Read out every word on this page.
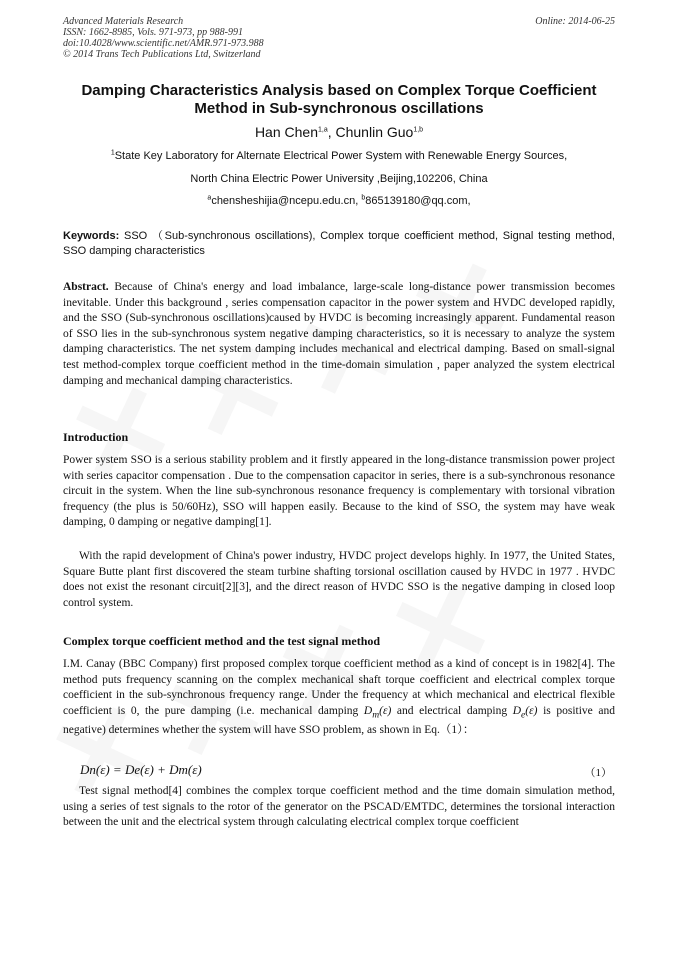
Advanced Materials Research
ISSN: 1662-8985, Vols. 971-973, pp 988-991
doi:10.4028/www.scientific.net/AMR.971-973.988
© 2014 Trans Tech Publications Ltd, Switzerland
Online: 2014-06-25
Damping Characteristics Analysis based on Complex Torque Coefficient
Method in Sub-synchronous oscillations
Han Chen$^{1,a}$, Chunlin Guo$^{1,b}$
$^1$State Key Laboratory for Alternate Electrical Power System with Renewable Energy Sources,
North China Electric Power University ,Beijing,102206, China
$^a$chensheshijia@ncepu.edu.cn, $^b$865139180@qq.com,
Keywords: SSO （Sub-synchronous oscillations), Complex torque coefficient method, Signal testing method, SSO damping characteristics
Abstract. Because of China's energy and load imbalance, large-scale long-distance power transmission becomes inevitable. Under this background , series compensation capacitor in the power system and HVDC developed rapidly, and the SSO (Sub-synchronous oscillations)caused by HVDC is becoming increasingly apparent. Fundamental reason of SSO lies in the sub-synchronous system negative damping characteristics, so it is necessary to analyze the system damping characteristics. The net system damping includes mechanical and electrical damping. Based on small-signal test method-complex torque coefficient method in the time-domain simulation , paper analyzed the system electrical damping and mechanical damping characteristics.
Introduction
Power system SSO is a serious stability problem and it firstly appeared in the long-distance transmission power project with series capacitor compensation . Due to the compensation capacitor in series, there is a sub-synchronous resonance circuit in the system. When the line sub-synchronous resonance frequency is complementary with torsional vibration frequency (the plus is 50/60Hz), SSO will happen easily. Because to the kind of SSO, the system may have weak damping, 0 damping or negative damping[1].
With the rapid development of China's power industry, HVDC project develops highly. In 1977, the United States, Square Butte plant first discovered the steam turbine shafting torsional oscillation caused by HVDC in 1977 . HVDC does not exist the resonant circuit[2][3], and the direct reason of HVDC SSO is the negative damping in closed loop control system.
Complex torque coefficient method and the test signal method
I.M. Canay (BBC Company) first proposed complex torque coefficient method as a kind of concept is in 1982[4]. The method puts frequency scanning on the complex mechanical shaft torque coefficient and electrical complex torque coefficient in the sub-synchronous frequency range. Under the frequency at which mechanical and electrical flexible coefficient is 0, the pure damping (i.e. mechanical damping $D_m(\varepsilon)$ and electrical damping $D_e(\varepsilon)$ is positive and negative) determines whether the system will have SSO problem, as shown in Eq.（1）：
Dn(ε) = De(ε) + Dm(ε)	（1）
Test signal method[4] combines the complex torque coefficient method and the time domain simulation method, using a series of test signals to the rotor of the generator on the PSCAD/EMTDC, determines the torsional interaction between the unit and the electrical system through calculating electrical complex torque coefficient
